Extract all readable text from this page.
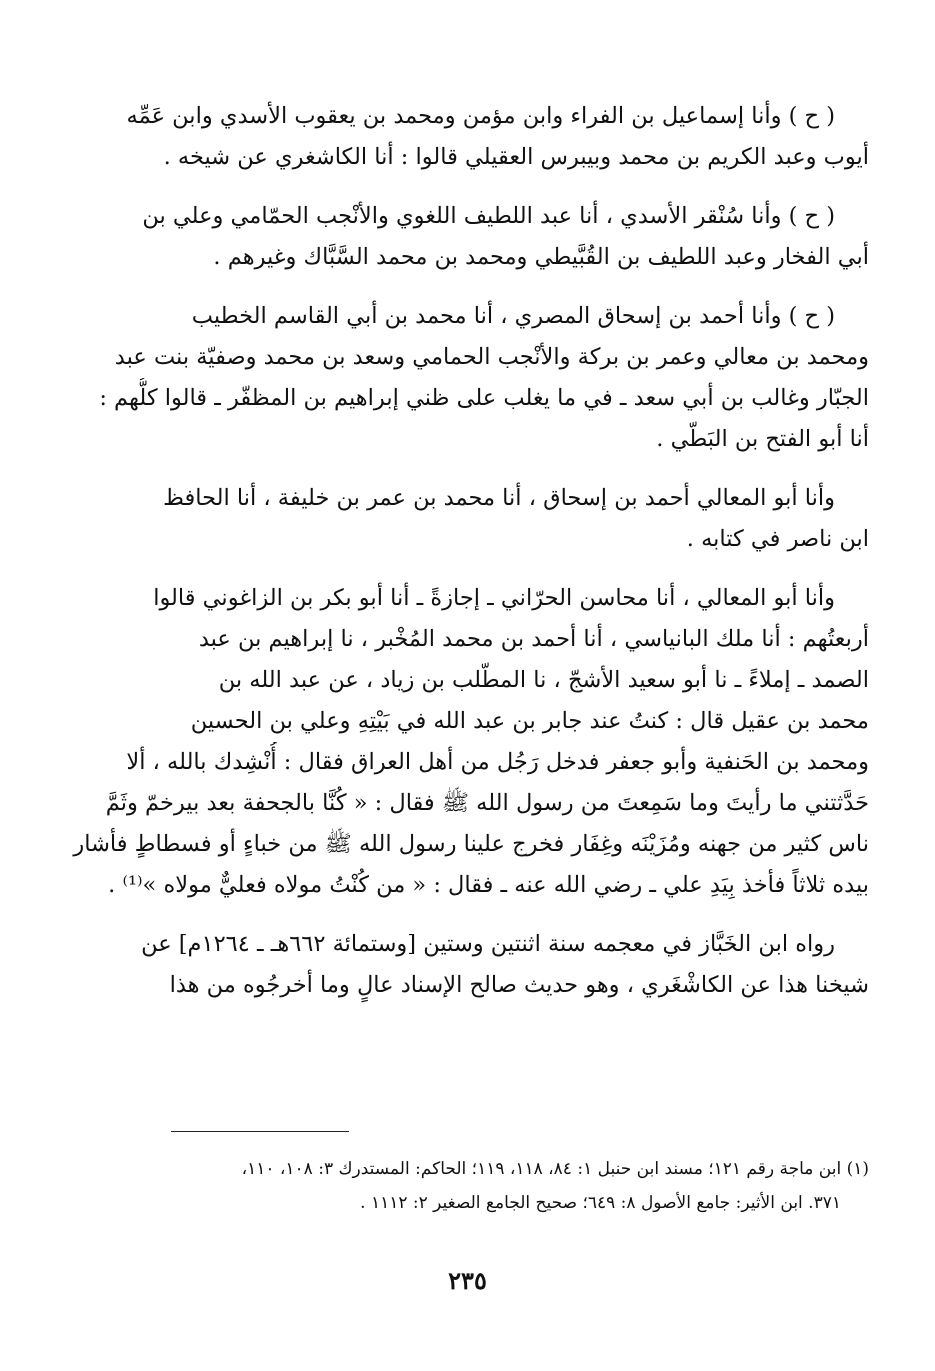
( ح ) وأنا إسماعيل بن الفراء وابن مؤمن ومحمد بن يعقوب الأسدي وابن عَمِّه
أيوب وعبد الكريم بن محمد وبيبرس العقيلي قالوا : أنا الكاشغري عن شيخه .

( ح ) وأنا سُنْقر الأسدي ، أنا عبد اللطيف اللغوي والأنْجب الحمّامي وعلي بن
أبي الفخار وعبد اللطيف بن القُبَّيطي ومحمد بن محمد السَّبَّاك وغيرهم .

( ح ) وأنا أحمد بن إسحاق المصري ، أنا محمد بن أبي القاسم الخطيب
ومحمد بن معالي وعمر بن بركة والأنْجب الحمامي وسعد بن محمد وصفيّة بنت عبد
الجبّار وغالب بن أبي سعد ـ في ما يغلب على ظني إبراهيم بن المظفّر ـ قالوا كلُّهم :
أنا أبو الفتح بن البَطّي .

وأنا أبو المعالي أحمد بن إسحاق ، أنا محمد بن عمر بن خليفة ، أنا الحافظ
ابن ناصر في كتابه .

وأنا أبو المعالي ، أنا محاسن الحرّاني ـ إجازةً ـ أنا أبو بكر بن الزاغوني قالوا
أربعتُهم : أنا ملك البانياسي ، أنا أحمد بن محمد المُخْبر ، نا إبراهيم بن عبد
الصمد ـ إملاءً ـ نا أبو سعيد الأشجّ ، نا المطّلب بن زياد ، عن عبد الله بن
محمد بن عقيل قال : كنتُ عند جابر بن عبد الله في بَيْتِهِ وعلي بن الحسين
ومحمد بن الحَنفية وأبو جعفر فدخل رَجُل من أهل العراق فقال : أُنْشِدك بالله ، ألا
حَدَّثتني ما رأيتَ وما سَمِعتَ من رسول الله ﷺ فقال : « كُنَّا بالجحفة بعد بيرخمّ وثَمَّ
ناس كثير من جهنه ومُزَيْنَه وغِفَار فخرج علينا رسول الله ﷺ من خباءٍ أو فسطاطٍ فأشار
بيده ثلاثاً فأخذ بِيَدِ علي ـ رضي الله عنه ـ فقال : « من كُنْتُ مولاه فعليٌّ مولاه »⁽¹⁾ .

رواه ابن الخَبَّاز في معجمه سنة اثنتين وستين [وستمائة ٦٦٢هـ ـ ١٢٦٤م] عن
شيخنا هذا عن الكاشْغَري ، وهو حديث صالح الإسناد عالٍ وما أخرجُوه من هذا

(١) ابن ماجة رقم ١٢١؛ مسند ابن حنبل ١: ٨٤، ١١٨، ١١٩؛ الحاكم: المستدرك ٣: ١٠٨، ١١٠،
٣٧١. ابن الأثير: جامع الأصول ٨: ٦٤٩؛ صحيح الجامع الصغير ٢: ١١١٢ .
٢٣٥
